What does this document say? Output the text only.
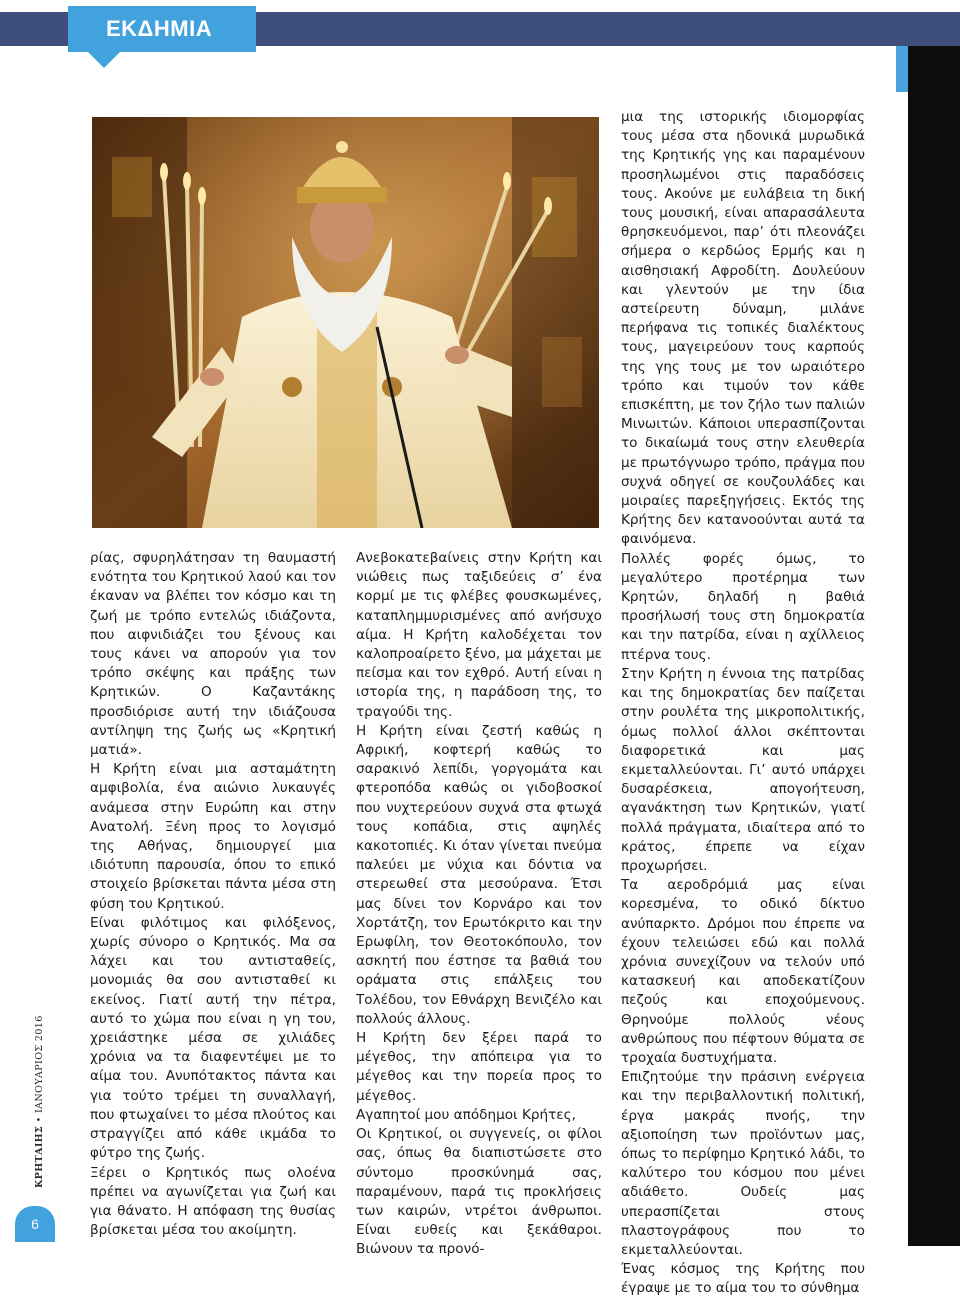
ΕΚΔΗΜΙΑ
ΚΡΗΤΑΙΗΣ • ΙΑΝΟΥΑΡΙΟΣ 2016
6

ρίας, σφυρηλάτησαν τη θαυμαστή ενότητα του Κρητικού λαού και τον έκαναν να βλέπει τον κόσμο και τη ζωή με τρόπο εντελώς ιδιάζοντα, που αιφνιδιάζει του ξένους και τους κάνει να απορούν για τον τρόπο σκέψης και πράξης των Κρητικών. Ο Καζαντάκης προσδιόρισε αυτή την ιδιάζουσα αντίληψη της ζωής ως «Κρητική ματιά».

Η Κρήτη είναι μια ασταμάτητη αμφιβολία, ένα αιώνιο λυκαυγές ανάμεσα στην Ευρώπη και στην Ανατολή. Ξένη προς το λογισμό της Αθήνας, δημιουργεί μια ιδιότυπη παρουσία, όπου το επικό στοιχείο βρίσκεται πάντα μέσα στη φύση του Κρητικού.

Είναι φιλότιμος και φιλόξενος, χωρίς σύνορο ο Κρητικός. Μα σα λάχει και του αντισταθείς, μονομιάς θα σου αντισταθεί κι εκείνος. Γιατί αυτή την πέτρα, αυτό το χώμα που είναι η γη του, χρειάστηκε μέσα σε χιλιάδες χρόνια να τα διαφεντέψει με το αίμα του. Ανυπότακτος πάντα και για τούτο τρέμει τη συναλλαγή, που φτωχαίνει το μέσα πλούτος και στραγγίζει από κάθε ικμάδα το φύτρο της ζωής.

Ξέρει ο Κρητικός πως ολοένα πρέπει να αγωνίζεται για ζωή και για θάνατο. Η απόφαση της θυσίας βρίσκεται μέσα του ακοίμητη.

Ανεβοκατεβαίνεις στην Κρήτη και νιώθεις πως ταξιδεύεις σ’ ένα κορμί με τις φλέβες φουσκωμένες, καταπλημμυρισμένες από ανήσυχο αίμα. Η Κρήτη καλοδέχεται τον καλοπροαίρετο ξένο, μα μάχεται με πείσμα και τον εχθρό. Αυτή είναι η ιστορία της, η παράδοση της, το τραγούδι της.

Η Κρήτη είναι ζεστή καθώς η Αφρική, κοφτερή καθώς το σαρακινό λεπίδι, γοργομάτα και φτεροπόδα καθώς οι γιδοβοσκοί που νυχτερεύουν συχνά στα φτωχά τους κοπάδια, στις αψηλές κακοτοπιές. Κι όταν γίνεται πνεύμα παλεύει με νύχια και δόντια να στερεωθεί στα μεσούρανα. Έτσι μας δίνει τον Κορνάρο και τον Χορτάτζη, τον Ερωτόκριτο και την Ερωφίλη, τον Θεοτοκόπουλο, τον ασκητή που έστησε τα βαθιά του οράματα στις επάλξεις του Τολέδου, τον Εθνάρχη Βενιζέλο και πολλούς άλλους.

Η Κρήτη δεν ξέρει παρά το μέγεθος, την απόπειρα για το μέγεθος και την πορεία προς το μέγεθος.

Αγαπητοί μου απόδημοι Κρήτες,

Οι Κρητικοί, οι συγγενείς, οι φίλοι σας, όπως θα διαπιστώσετε στο σύντομο προσκύνημά σας, παραμένουν, παρά τις προκλήσεις των καιρών, ντρέτοι άνθρωποι. Είναι ευθείς και ξεκάθαροι. Βιώνουν τα προνό-

μια της ιστορικής ιδιομορφίας τους μέσα στα ηδονικά μυρωδικά της Κρητικής γης και παραμένουν προσηλωμένοι στις παραδόσεις τους. Ακούνε με ευλάβεια τη δική τους μουσική, είναι απαρασάλευτα θρησκευόμενοι, παρ’ ότι πλεονάζει σήμερα ο κερδώος Ερμής και η αισθησιακή Αφροδίτη. Δουλεύουν και γλεντούν με την ίδια αστείρευτη δύναμη, μιλάνε περήφανα τις τοπικές διαλέκτους τους, μαγειρεύουν τους καρπούς της γης τους με τον ωραιότερο τρόπο και τιμούν τον κάθε επισκέπτη, με τον ζήλο των παλιών Μινωιτών. Κάποιοι υπερασπίζονται το δικαίωμά τους στην ελευθερία με πρωτόγνωρο τρόπο, πράγμα που συχνά οδηγεί σε κουζουλάδες και μοιραίες παρεξηγήσεις. Εκτός της Κρήτης δεν κατανοούνται αυτά τα φαινόμενα.

Πολλές φορές όμως, το μεγαλύτερο προτέρημα των Κρητών, δηλαδή η βαθιά προσήλωσή τους στη δημοκρατία και την πατρίδα, είναι η αχίλλειος πτέρνα τους.

Στην Κρήτη η έννοια της πατρίδας και της δημοκρατίας δεν παίζεται στην ρουλέτα της μικροπολιτικής, όμως πολλοί άλλοι σκέπτονται διαφορετικά και μας εκμεταλλεύονται. Γι’ αυτό υπάρχει δυσαρέσκεια, απογοήτευση, αγανάκτηση των Κρητικών, γιατί πολλά πράγματα, ιδιαίτερα από το κράτος, έπρεπε να είχαν προχωρήσει.

Τα αεροδρόμιά μας είναι κορεσμένα, το οδικό δίκτυο ανύπαρκτο. Δρόμοι που έπρεπε να έχουν τελειώσει εδώ και πολλά χρόνια συνεχίζουν να τελούν υπό κατασκευή και αποδεκατίζουν πεζούς και εποχούμενους. Θρηνούμε πολλούς νέους ανθρώπους που πέφτουν θύματα σε τροχαία δυστυχήματα.

Επιζητούμε την πράσινη ενέργεια και την περιβαλλοντική πολιτική, έργα μακράς πνοής, την αξιοποίηση των προϊόντων μας, όπως το περίφημο Κρητικό λάδι, το καλύτερο του κόσμου που μένει αδιάθετο. Ουδείς μας υπερασπίζεται στους πλαστογράφους που το εκμεταλλεύονται.

Ένας κόσμος της Κρήτης που έγραψε με το αίμα του το σύνθημα
